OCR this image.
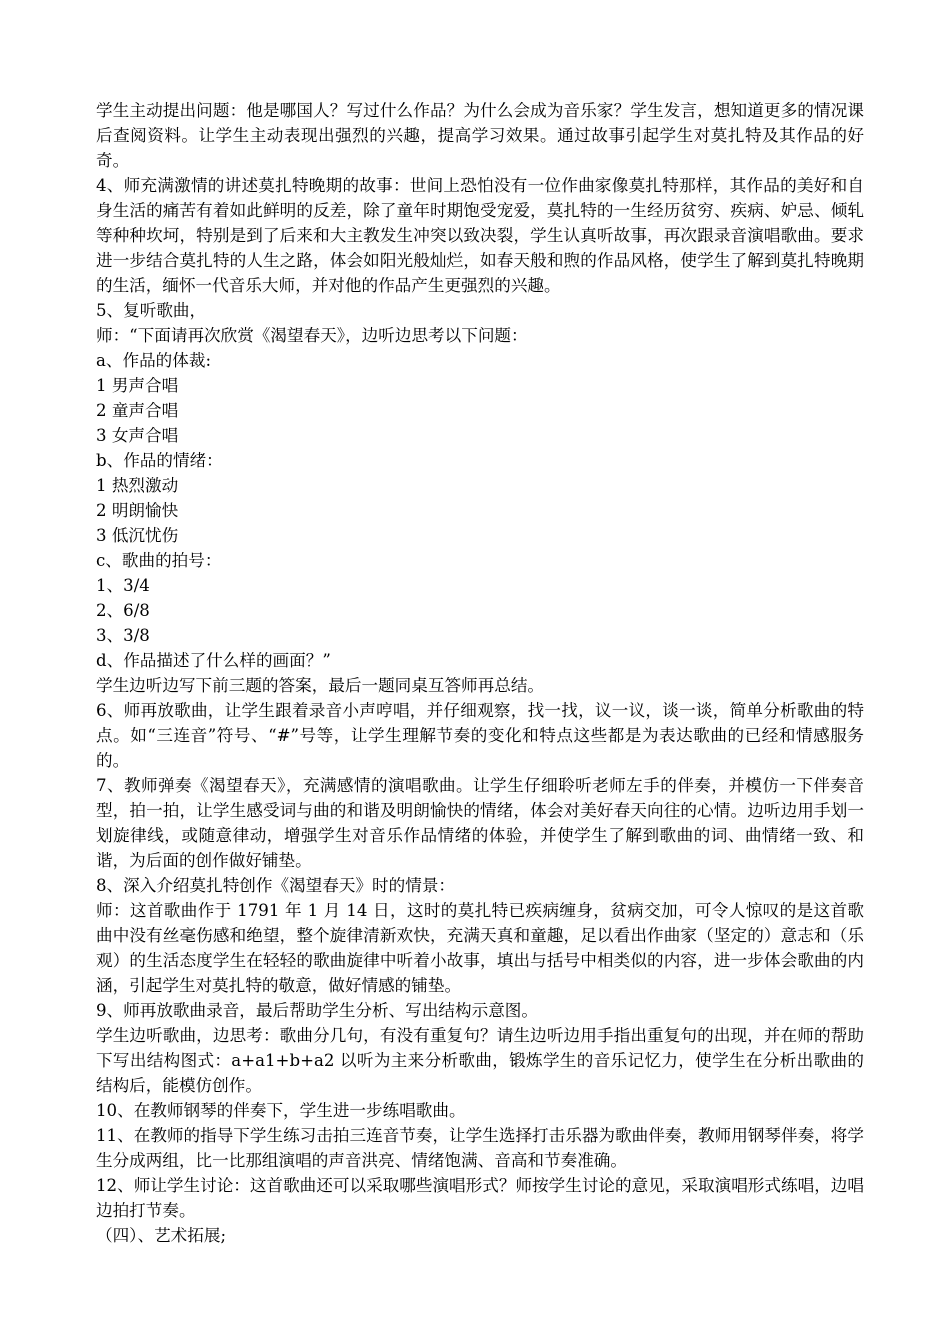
学生主动提出问题：他是哪国人？写过什么作品？为什么会成为音乐家？学生发言，想知道更多的情况课后查阅资料。让学生主动表现出强烈的兴趣，提高学习效果。通过故事引起学生对莫扎特及其作品的好奇。

4、师充满激情的讲述莫扎特晚期的故事：世间上恐怕没有一位作曲家像莫扎特那样，其作品的美好和自身生活的痛苦有着如此鲜明的反差，除了童年时期饱受宠爱，莫扎特的一生经历贫穷、疾病、妒忌、倾轧等种种坎坷，特别是到了后来和大主教发生冲突以致决裂，学生认真听故事，再次跟录音演唱歌曲。要求进一步结合莫扎特的人生之路，体会如阳光般灿烂，如春天般和煦的作品风格，使学生了解到莫扎特晚期的生活，缅怀一代音乐大师，并对他的作品产生更强烈的兴趣。

5、复听歌曲，

师：“下面请再次欣赏《渴望春天》，边听边思考以下问题：

a、作品的体裁:

1 男声合唱

2 童声合唱

3 女声合唱

b、作品的情绪：

1 热烈激动

2 明朗愉快

3 低沉忧伤

c、歌曲的拍号：

1、3/4

2、6/8

3、3/8

d、作品描述了什么样的画面？”

学生边听边写下前三题的答案，最后一题同桌互答师再总结。

6、师再放歌曲，让学生跟着录音小声哼唱，并仔细观察，找一找，议一议，谈一谈，简单分析歌曲的特点。如“三连音”符号、“#”号等，让学生理解节奏的变化和特点这些都是为表达歌曲的已经和情感服务的。

7、教师弹奏《渴望春天》，充满感情的演唱歌曲。让学生仔细聆听老师左手的伴奏，并模仿一下伴奏音型，拍一拍，让学生感受词与曲的和谐及明朗愉快的情绪，体会对美好春天向往的心情。边听边用手划一划旋律线，或随意律动，增强学生对音乐作品情绪的体验，并使学生了解到歌曲的词、曲情绪一致、和谐，为后面的创作做好铺垫。

8、深入介绍莫扎特创作《渴望春天》时的情景：

师：这首歌曲作于 1791 年 1 月 14 日，这时的莫扎特已疾病缠身，贫病交加，可令人惊叹的是这首歌曲中没有丝毫伤感和绝望，整个旋律清新欢快，充满天真和童趣，足以看出作曲家（坚定的）意志和（乐观）的生活态度学生在轻轻的歌曲旋律中听着小故事，填出与括号中相类似的内容，进一步体会歌曲的内涵，引起学生对莫扎特的敬意，做好情感的铺垫。

9、师再放歌曲录音，最后帮助学生分析、写出结构示意图。

学生边听歌曲，边思考：歌曲分几句，有没有重复句？请生边听边用手指出重复句的出现，并在师的帮助下写出结构图式：a+a1+b+a2 以听为主来分析歌曲，锻炼学生的音乐记忆力，使学生在分析出歌曲的结构后，能模仿创作。

10、在教师钢琴的伴奏下，学生进一步练唱歌曲。

11、在教师的指导下学生练习击拍三连音节奏，让学生选择打击乐器为歌曲伴奏，教师用钢琴伴奏，将学生分成两组，比一比那组演唱的声音洪亮、情绪饱满、音高和节奏准确。

12、师让学生讨论：这首歌曲还可以采取哪些演唱形式？师按学生讨论的意见，采取演唱形式练唱，边唱边拍打节奏。

（四）、艺术拓展;
